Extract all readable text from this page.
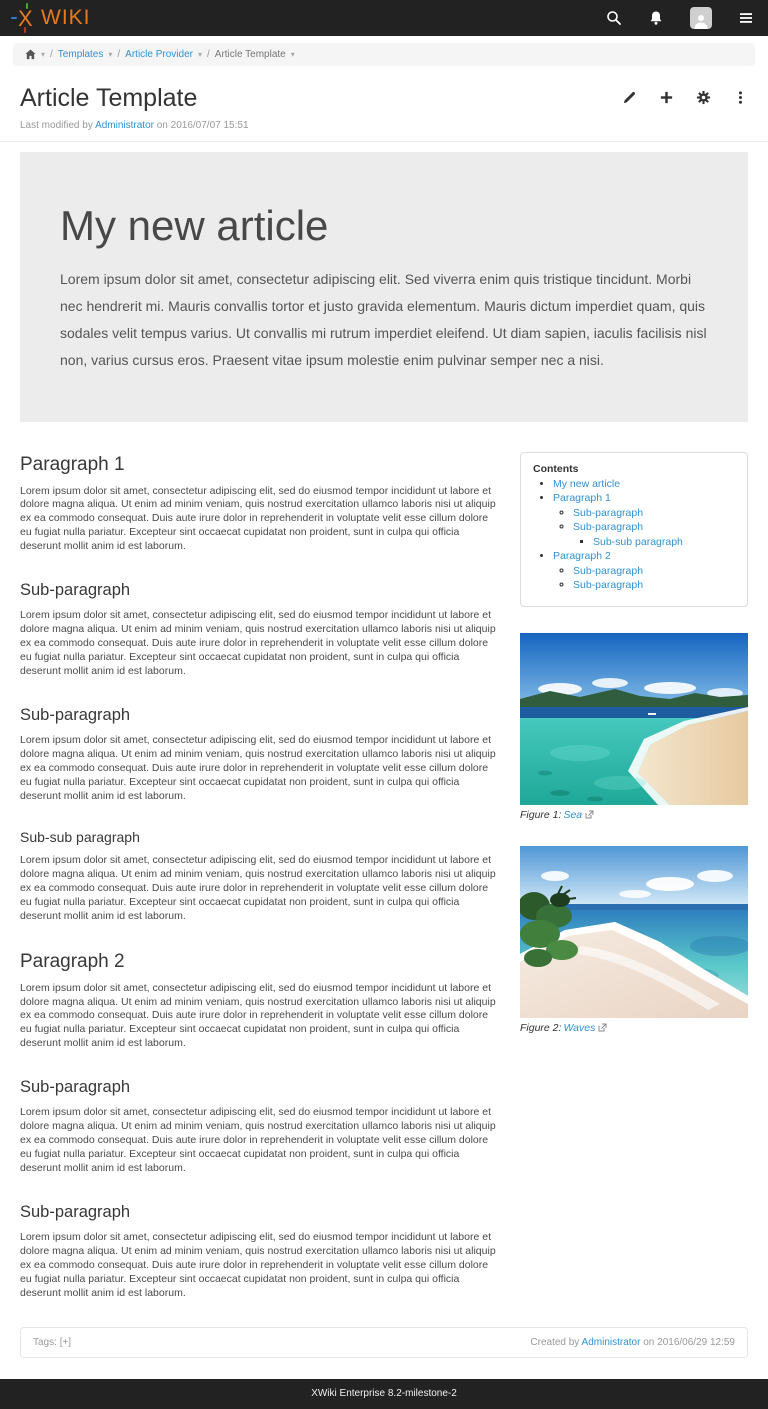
X WIKI
▾ / Templates ▾ / Article Provider ▾ / Article Template ▾
Article Template
Last modified by Administrator on 2016/07/07 15:51
My new article

Lorem ipsum dolor sit amet, consectetur adipiscing elit. Sed viverra enim quis tristique tincidunt. Morbi nec hendrerit mi. Mauris convallis tortor et justo gravida elementum. Mauris dictum imperdiet quam, quis sodales velit tempus varius. Ut convallis mi rutrum imperdiet eleifend. Ut diam sapien, iaculis facilisis nisl non, varius cursus eros. Praesent vitae ipsum molestie enim pulvinar semper nec a nisi.

Paragraph 1

Lorem ipsum dolor sit amet, consectetur adipiscing elit, sed do eiusmod tempor incididunt ut labore et dolore magna aliqua. Ut enim ad minim veniam, quis nostrud exercitation ullamco laboris nisi ut aliquip ex ea commodo consequat. Duis aute irure dolor in reprehenderit in voluptate velit esse cillum dolore eu fugiat nulla pariatur. Excepteur sint occaecat cupidatat non proident, sunt in culpa qui officia deserunt mollit anim id est laborum.

Sub-paragraph

Lorem ipsum dolor sit amet, consectetur adipiscing elit, sed do eiusmod tempor incididunt ut labore et dolore magna aliqua. Ut enim ad minim veniam, quis nostrud exercitation ullamco laboris nisi ut aliquip ex ea commodo consequat. Duis aute irure dolor in reprehenderit in voluptate velit esse cillum dolore eu fugiat nulla pariatur. Excepteur sint occaecat cupidatat non proident, sunt in culpa qui officia deserunt mollit anim id est laborum.

Sub-paragraph

Lorem ipsum dolor sit amet, consectetur adipiscing elit, sed do eiusmod tempor incididunt ut labore et dolore magna aliqua. Ut enim ad minim veniam, quis nostrud exercitation ullamco laboris nisi ut aliquip ex ea commodo consequat. Duis aute irure dolor in reprehenderit in voluptate velit esse cillum dolore eu fugiat nulla pariatur. Excepteur sint occaecat cupidatat non proident, sunt in culpa qui officia deserunt mollit anim id est laborum.

Sub-sub paragraph

Lorem ipsum dolor sit amet, consectetur adipiscing elit, sed do eiusmod tempor incididunt ut labore et dolore magna aliqua. Ut enim ad minim veniam, quis nostrud exercitation ullamco laboris nisi ut aliquip ex ea commodo consequat. Duis aute irure dolor in reprehenderit in voluptate velit esse cillum dolore eu fugiat nulla pariatur. Excepteur sint occaecat cupidatat non proident, sunt in culpa qui officia deserunt mollit anim id est laborum.

Paragraph 2

Lorem ipsum dolor sit amet, consectetur adipiscing elit, sed do eiusmod tempor incididunt ut labore et dolore magna aliqua. Ut enim ad minim veniam, quis nostrud exercitation ullamco laboris nisi ut aliquip ex ea commodo consequat. Duis aute irure dolor in reprehenderit in voluptate velit esse cillum dolore eu fugiat nulla pariatur. Excepteur sint occaecat cupidatat non proident, sunt in culpa qui officia deserunt mollit anim id est laborum.

Sub-paragraph

Lorem ipsum dolor sit amet, consectetur adipiscing elit, sed do eiusmod tempor incididunt ut labore et dolore magna aliqua. Ut enim ad minim veniam, quis nostrud exercitation ullamco laboris nisi ut aliquip ex ea commodo consequat. Duis aute irure dolor in reprehenderit in voluptate velit esse cillum dolore eu fugiat nulla pariatur. Excepteur sint occaecat cupidatat non proident, sunt in culpa qui officia deserunt mollit anim id est laborum.

Sub-paragraph

Lorem ipsum dolor sit amet, consectetur adipiscing elit, sed do eiusmod tempor incididunt ut labore et dolore magna aliqua. Ut enim ad minim veniam, quis nostrud exercitation ullamco laboris nisi ut aliquip ex ea commodo consequat. Duis aute irure dolor in reprehenderit in voluptate velit esse cillum dolore eu fugiat nulla pariatur. Excepteur sint occaecat cupidatat non proident, sunt in culpa qui officia deserunt mollit anim id est laborum.

Contents
• My new article
• Paragraph 1
◦ Sub-paragraph
◦ Sub-paragraph
▪ Sub-sub paragraph
• Paragraph 2
◦ Sub-paragraph
◦ Sub-paragraph
Figure 1: Sea
Figure 2: Waves
Tags: [+]	Created by Administrator on 2016/06/29 12:59
XWiki Enterprise 8.2-milestone-2
